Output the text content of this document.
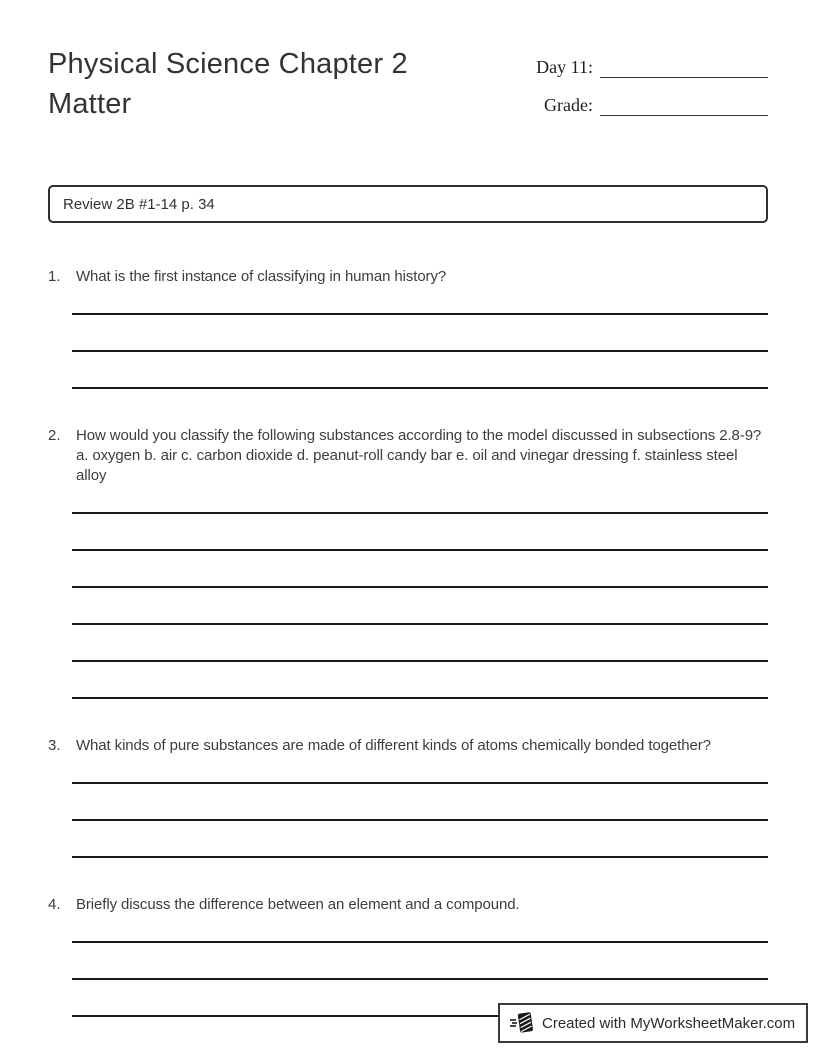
Physical Science Chapter 2 Matter
Day 11:
Grade:
Review 2B #1-14 p. 34
1.	What is the first instance of classifying in human history?
2.	How would you classify the following substances according to the model discussed in subsections 2.8-9? a. oxygen b. air c. carbon dioxide d. peanut-roll candy bar e. oil and vinegar dressing f. stainless steel alloy
3.	What kinds of pure substances are made of different kinds of atoms chemically bonded together?
4.	Briefly discuss the difference between an element and a compound.
Created with MyWorksheetMaker.com
